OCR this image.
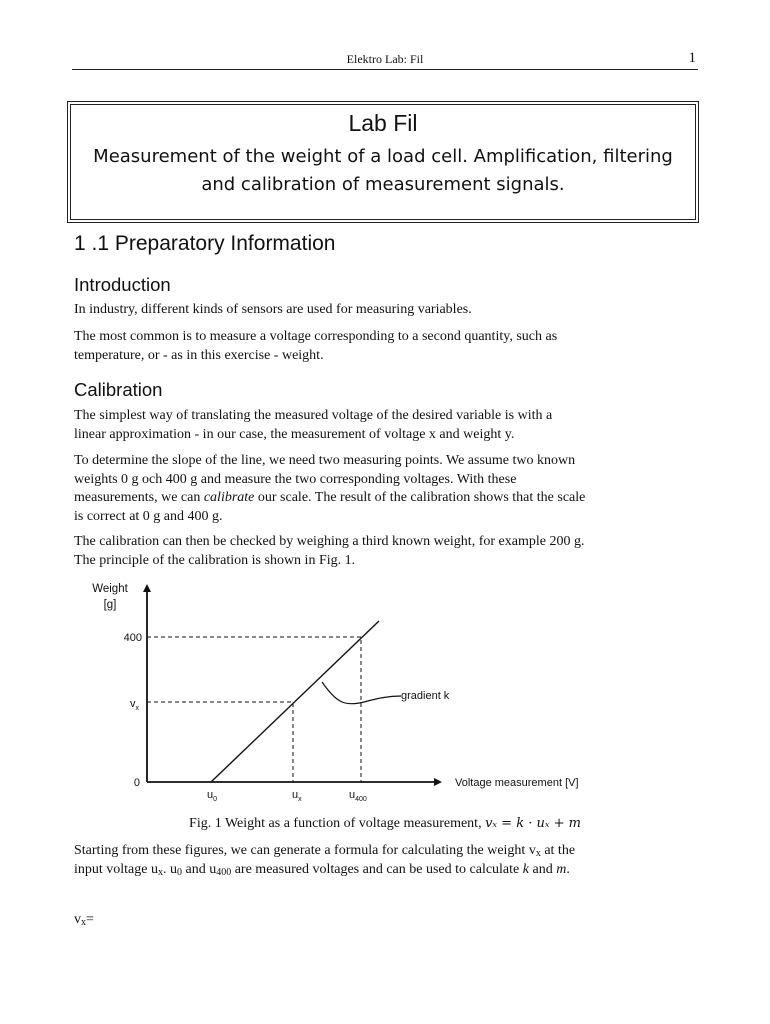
Elektro Lab: Fil	1
Lab Fil
Measurement of the weight of a load cell. Amplification, filtering and calibration of measurement signals.
1 .1 Preparatory Information
Introduction

In industry, different kinds of sensors are used for measuring variables.

The most common is to measure a voltage corresponding to a second quantity, such as
temperature, or - as in this exercise - weight.

Calibration

The simplest way of translating the measured voltage of the desired variable is with a
linear approximation - in our case, the measurement of voltage x and weight y.

To determine the slope of the line, we need two measuring points. We assume two known
weights 0 g och 400 g and measure the two corresponding voltages. With these
measurements, we can calibrate our scale. The result of the calibration shows that the scale
is correct at 0 g and 400 g.

The calibration can then be checked by weighing a third known weight, for example 200 g.
The principle of the calibration is shown in Fig. 1.

Weight
[g]
400
$v_x$
0
$u_0$	$u_x$	$u_{400}$
Voltage measurement [V]
gradient k
Fig. 1 Weight as a function of voltage measurement, vₓ = k · uₓ + m

Starting from these figures, we can generate a formula for calculating the weight $v_x$ at the
input voltage $u_x$. $u_0$ and $u_{400}$ are measured voltages and can be used to calculate k and m.

$v_x=$
